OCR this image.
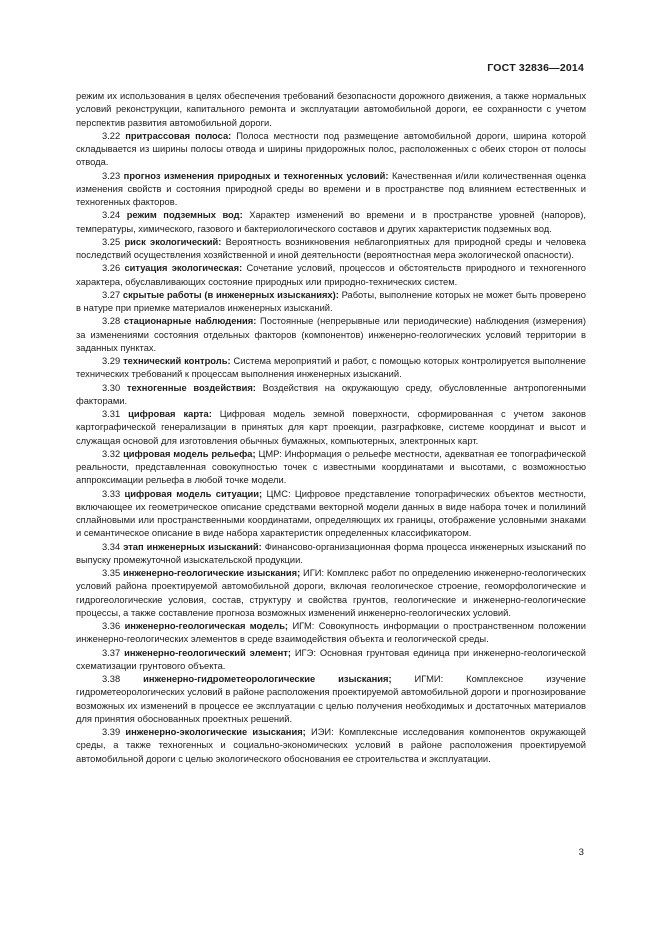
ГОСТ 32836—2014

режим их использования в целях обеспечения требований безопасности дорожного движения, а также нормальных условий реконструкции, капитального ремонта и эксплуатации автомобильной дороги, ее сохранности с учетом перспектив развития автомобильной дороги.

3.22 притрассовая полоса: Полоса местности под размещение автомобильной дороги, ширина которой складывается из ширины полосы отвода и ширины придорожных полос, расположенных с обеих сторон от полосы отвода.

3.23 прогноз изменения природных и техногенных условий: Качественная и/или количественная оценка изменения свойств и состояния природной среды во времени и в пространстве под влиянием естественных и техногенных факторов.

3.24 режим подземных вод: Характер изменений во времени и в пространстве уровней (напоров), температуры, химического, газового и бактериологического составов и других характеристик подземных вод.

3.25 риск экологический: Вероятность возникновения неблагоприятных для природной среды и человека последствий осуществления хозяйственной и иной деятельности (вероятностная мера экологической опасности).

3.26 ситуация экологическая: Сочетание условий, процессов и обстоятельств природного и техногенного характера, обуславливающих состояние природных или природно-технических систем.

3.27 скрытые работы (в инженерных изысканиях): Работы, выполнение которых не может быть проверено в натуре при приемке материалов инженерных изысканий.

3.28 стационарные наблюдения: Постоянные (непрерывные или периодические) наблюдения (измерения) за изменениями состояния отдельных факторов (компонентов) инженерно-геологических условий территории в заданных пунктах.

3.29 технический контроль: Система мероприятий и работ, с помощью которых контролируется выполнение технических требований к процессам выполнения инженерных изысканий.

3.30 техногенные воздействия: Воздействия на окружающую среду, обусловленные антропогенными факторами.

3.31 цифровая карта: Цифровая модель земной поверхности, сформированная с учетом законов картографической генерализации в принятых для карт проекции, разграфковке, системе координат и высот и служащая основой для изготовления обычных бумажных, компьютерных, электронных карт.

3.32 цифровая модель рельефа; ЦМР: Информация о рельефе местности, адекватная ее топографической реальности, представленная совокупностью точек с известными координатами и высотами, с возможностью аппроксимации рельефа в любой точке модели.

3.33 цифровая модель ситуации; ЦМС: Цифровое представление топографических объектов местности, включающее их геометрическое описание средствами векторной модели данных в виде набора точек и полилиний сплайновыми или пространственными координатами, определяющих их границы, отображение условными знаками и семантическое описание в виде набора характеристик определенных классификатором.

3.34 этап инженерных изысканий: Финансово-организационная форма процесса инженерных изысканий по выпуску промежуточной изыскательской продукции.

3.35 инженерно-геологические изыскания; ИГИ: Комплекс работ по определению инженерно-геологических условий района проектируемой автомобильной дороги, включая геологическое строение, геоморфологические и гидрогеологические условия, состав, структуру и свойства грунтов, геологические и инженерно-геологические процессы, а также составление прогноза возможных изменений инженерно-геологических условий.

3.36 инженерно-геологическая модель; ИГМ: Совокупность информации о пространственном положении инженерно-геологических элементов в среде взаимодействия объекта и геологической среды.

3.37 инженерно-геологический элемент; ИГЭ: Основная грунтовая единица при инженерно-геологической схематизации грунтового объекта.

3.38 инженерно-гидрометеорологические изыскания; ИГМИ: Комплексное изучение гидрометеорологических условий в районе расположения проектируемой автомобильной дороги и прогнозирование возможных их изменений в процессе ее эксплуатации с целью получения необходимых и достаточных материалов для принятия обоснованных проектных решений.

3.39 инженерно-экологические изыскания; ИЭИ: Комплексные исследования компонентов окружающей среды, а также техногенных и социально-экономических условий в районе расположения проектируемой автомобильной дороги с целью экологического обоснования ее строительства и эксплуатации.

3
